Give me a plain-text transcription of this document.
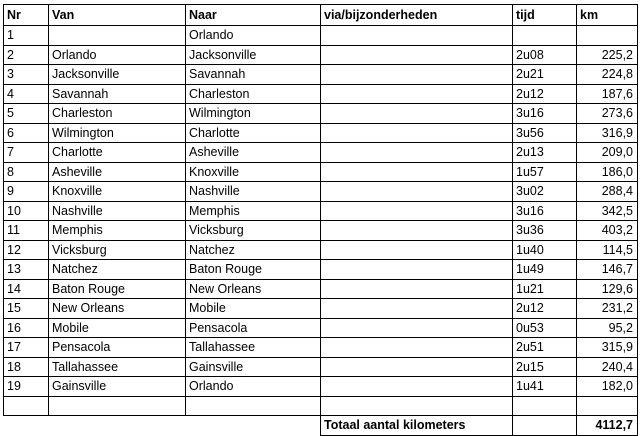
Nr	Van	Naar	via/bijzonderheden	tijd	km
1		Orlando			
2	Orlando	Jacksonville		2u08	225,2
3	Jacksonville	Savannah		2u21	224,8
4	Savannah	Charleston		2u12	187,6
5	Charleston	Wilmington		3u16	273,6
6	Wilmington	Charlotte		3u56	316,9
7	Charlotte	Asheville		2u13	209,0
8	Asheville	Knoxville		1u57	186,0
9	Knoxville	Nashville		3u02	288,4
10	Nashville	Memphis		3u16	342,5
11	Memphis	Vicksburg		3u36	403,2
12	Vicksburg	Natchez		1u40	114,5
13	Natchez	Baton Rouge		1u49	146,7
14	Baton Rouge	New Orleans		1u21	129,6
15	New Orleans	Mobile		2u12	231,2
16	Mobile	Pensacola		0u53	95,2
17	Pensacola	Tallahassee		2u51	315,9
18	Tallahassee	Gainsville		2u15	240,4
19	Gainsville	Orlando		1u41	182,0

			Totaal aantal kilometers		4112,7
